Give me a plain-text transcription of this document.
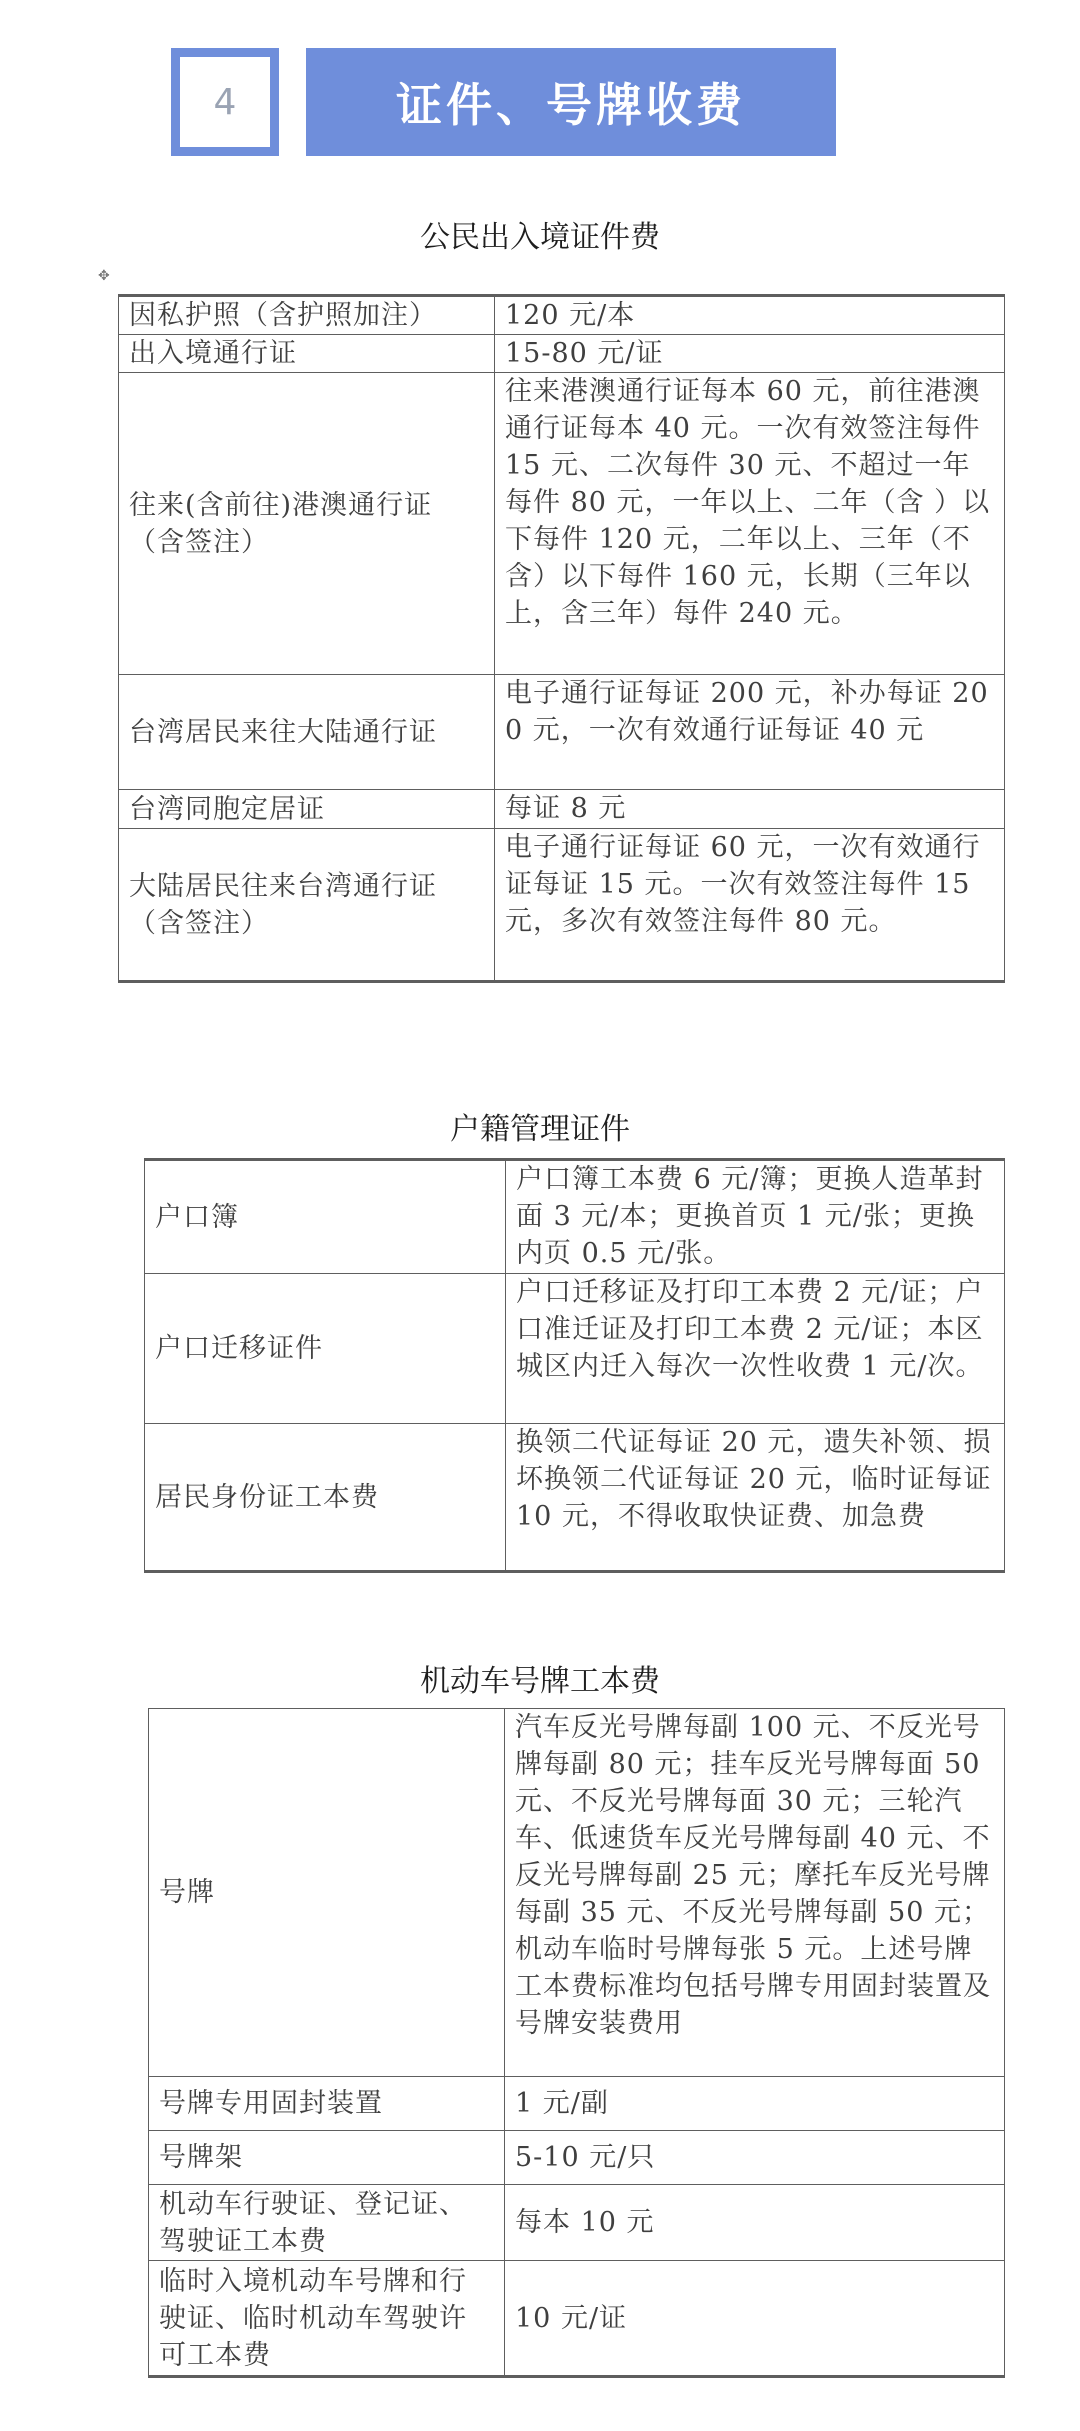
4	证件、号牌收费
公民出入境证件费
✥
因私护照（含护照加注）	120 元/本
出入境通行证	15-80 元/证
往来(含前往)港澳通行证（含签注）	往来港澳通行证每本 60 元，前往港澳通行证每本 40 元。一次有效签注每件 15 元、二次每件 30 元、不超过一年每件 80 元，一年以上、二年（含 ）以下每件 120 元，二年以上、三年（不含）以下每件 160 元，长期（三年以上，含三年）每件 240 元。
台湾居民来往大陆通行证	电子通行证每证 200 元，补办每证 200 元，一次有效通行证每证 40 元
台湾同胞定居证	每证 8 元
大陆居民往来台湾通行证（含签注）	电子通行证每证 60 元，一次有效通行证每证 15 元。一次有效签注每件 15 元，多次有效签注每件 80 元。
户籍管理证件
户口簿	户口簿工本费 6 元/簿；更换人造革封面 3 元/本；更换首页 1 元/张；更换内页 0.5 元/张。
户口迁移证件	户口迁移证及打印工本费 2 元/证；户口准迁证及打印工本费 2 元/证；本区城区内迁入每次一次性收费 1 元/次。
居民身份证工本费	换领二代证每证 20 元，遗失补领、损坏换领二代证每证 20 元，临时证每证 10 元，不得收取快证费、加急费
机动车号牌工本费
号牌	汽车反光号牌每副 100 元、不反光号牌每副 80 元；挂车反光号牌每面 50 元、不反光号牌每面 30 元；三轮汽车、低速货车反光号牌每副 40 元、不反光号牌每副 25 元；摩托车反光号牌每副 35 元、不反光号牌每副 50 元；机动车临时号牌每张 5 元。上述号牌工本费标准均包括号牌专用固封装置及号牌安装费用
号牌专用固封装置	1 元/副
号牌架	5-10 元/只
机动车行驶证、登记证、驾驶证工本费	每本 10 元
临时入境机动车号牌和行驶证、临时机动车驾驶许可工本费	10 元/证
